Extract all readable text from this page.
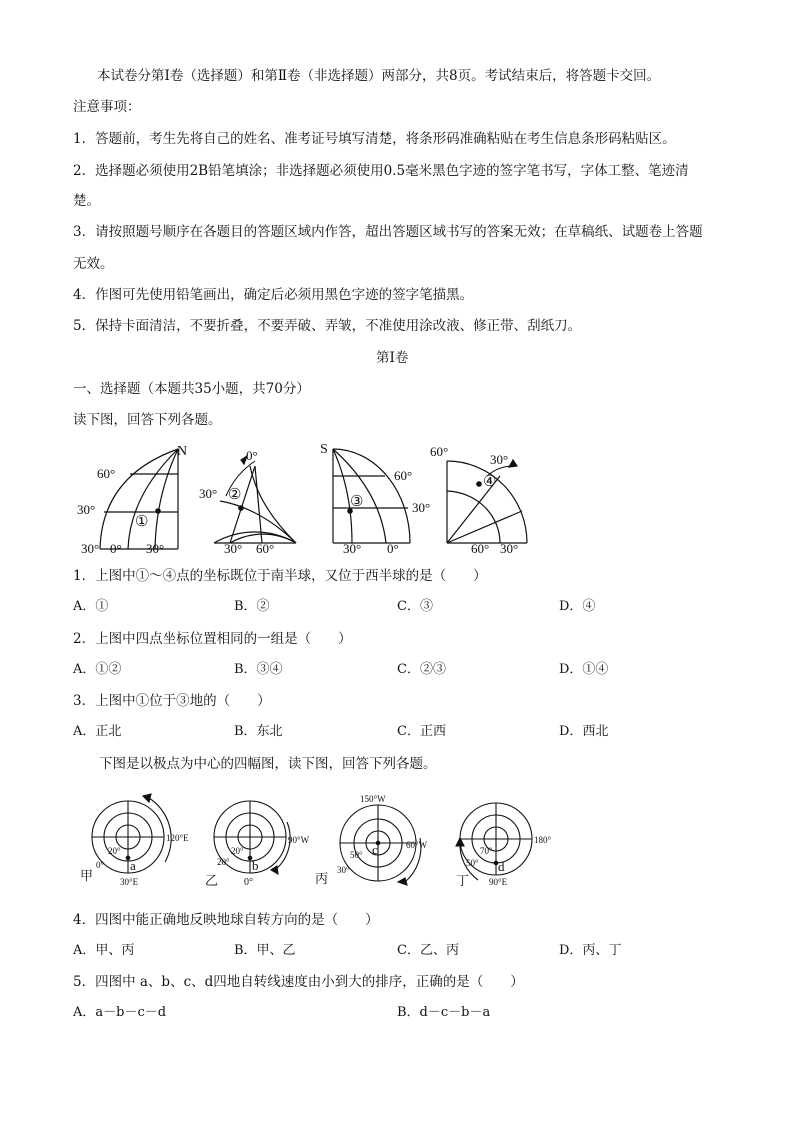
本试卷分第Ⅰ卷（选择题）和第Ⅱ卷（非选择题）两部分，共8页。考试结束后，将答题卡交回。
注意事项：
1．答题前，考生先将自己的姓名、准考证号填写清楚，将条形码准确粘贴在考生信息条形码粘贴区。
2．选择题必须使用2B铅笔填涂；非选择题必须使用0.5毫米黑色字迹的签字笔书写，字体工整、笔迹清
楚。
3．请按照题号顺序在各题目的答题区域内作答，超出答题区域书写的答案无效；在草稿纸、试题卷上答题
无效。
4．作图可先使用铅笔画出，确定后必须用黑色字迹的签字笔描黑。
5．保持卡面清洁，不要折叠，不要弄破、弄皱，不准使用涂改液、修正带、刮纸刀。
第Ⅰ卷
一、选择题（本题共35小题，共70分）
读下图，回答下列各题。
N
60°
30°
①
30° 0° 30°
0°
30° ②
30° 60°
S
60°
③	30°
30° 0°
60°
30°
④
60° 30°
1．上图中①～④点的坐标既位于南半球，又位于西半球的是（　　）
A．①	B．②	C．③	D．④
2．上图中四点坐标位置相同的一组是（　　）
A．①②	B．③④	C．②③	D．①④
3．上图中①位于③地的（　　）
A．正北	B．东北	C．正西	D．西北
下图是以极点为中心的四幅图，读下图，回答下列各题。
20°
a
0°
30°E
120°E
甲
20°
20° b
0°
90°W
乙
150°W
c
50°
30°
60°W
丙
70°
50° d
90°E
180°
丁
4．四图中能正确地反映地球自转方向的是（　　）
A．甲、丙	B．甲、乙	C．乙、丙	D．丙、丁
5．四图中 a、b、c、d四地自转线速度由小到大的排序，正确的是（　　）
A．a－b－c－d	B．d－c－b－a
